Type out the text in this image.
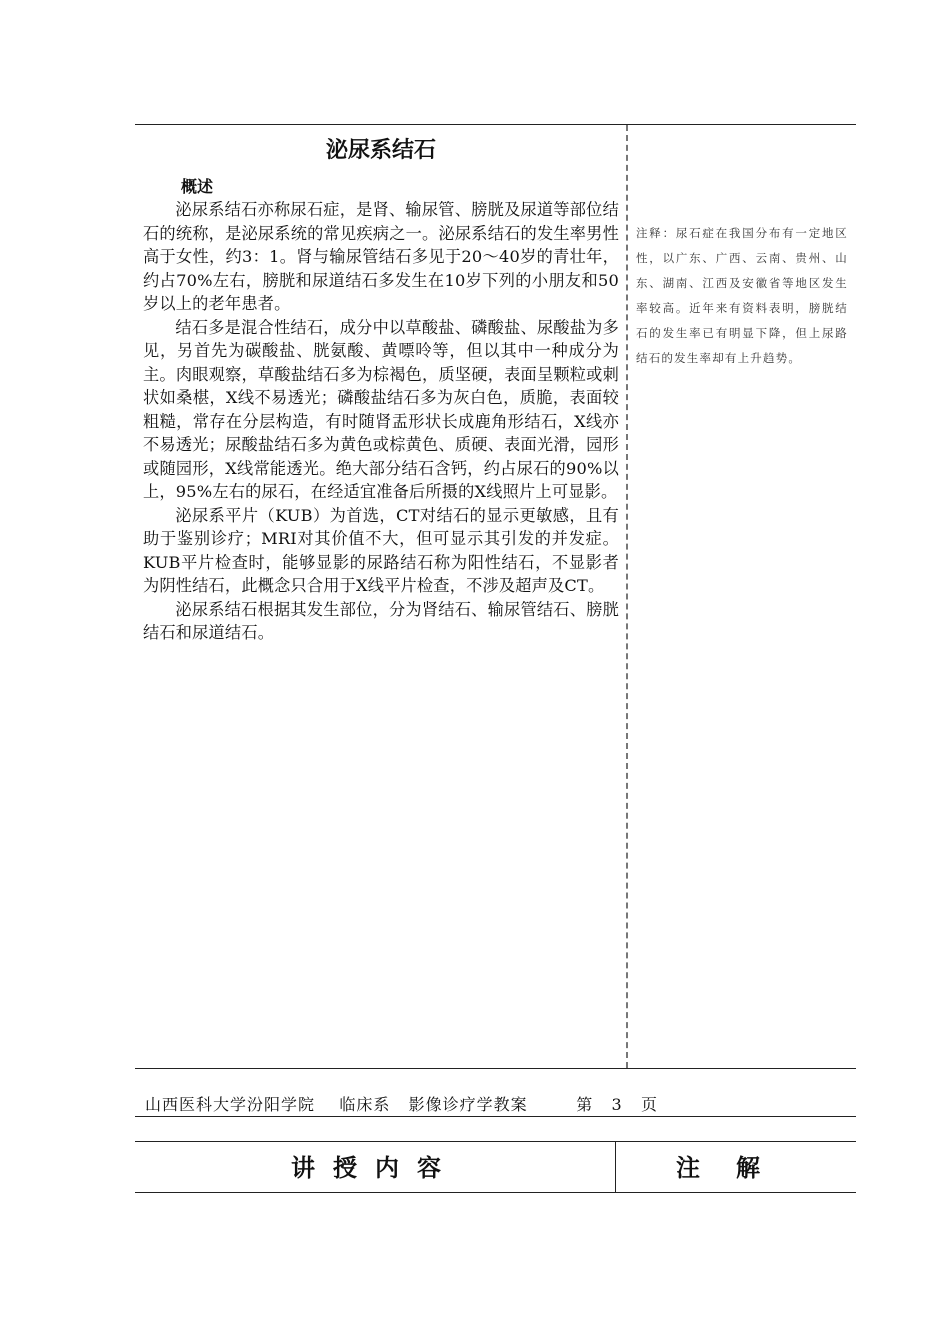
泌尿系结石
概述

泌尿系结石亦称尿石症，是肾、输尿管、膀胱及尿道等部位结石的统称，是泌尿系统的常见疾病之一。泌尿系结石的发生率男性高于女性，约3：1。肾与输尿管结石多见于20～40岁的青壮年，约占70%左右，膀胱和尿道结石多发生在10岁下列的小朋友和50岁以上的老年患者。

结石多是混合性结石，成分中以草酸盐、磷酸盐、尿酸盐为多见，另首先为碳酸盐、胱氨酸、黄嘌呤等，但以其中一种成分为主。肉眼观察，草酸盐结石多为棕褐色，质坚硬，表面呈颗粒或刺状如桑椹，X线不易透光；磷酸盐结石多为灰白色，质脆，表面较粗糙，常存在分层构造，有时随肾盂形状长成鹿角形结石，X线亦不易透光；尿酸盐结石多为黄色或棕黄色、质硬、表面光滑，园形或随园形，X线常能透光。绝大部分结石含钙，约占尿石的90%以上，95%左右的尿石，在经适宜准备后所摄的X线照片上可显影。

泌尿系平片（KUB）为首选，CT对结石的显示更敏感，且有助于鉴别诊疗；MRI对其价值不大，但可显示其引发的并发症。KUB平片检查时，能够显影的尿路结石称为阳性结石，不显影者为阴性结石，此概念只合用于X线平片检查，不涉及超声及CT。

泌尿系结石根据其发生部位，分为肾结石、输尿管结石、膀胱结石和尿道结石。

注释：尿石症在我国分布有一定地区性，以广东、广西、云南、贵州、山东、湖南、江西及安徽省等地区发生率较高。近年来有资料表明，膀胱结石的发生率已有明显下降，但上尿路结石的发生率却有上升趋势。

山西医科大学汾阳学院    临床系   影像诊疗学教案        第   3   页
讲授内容	注解
